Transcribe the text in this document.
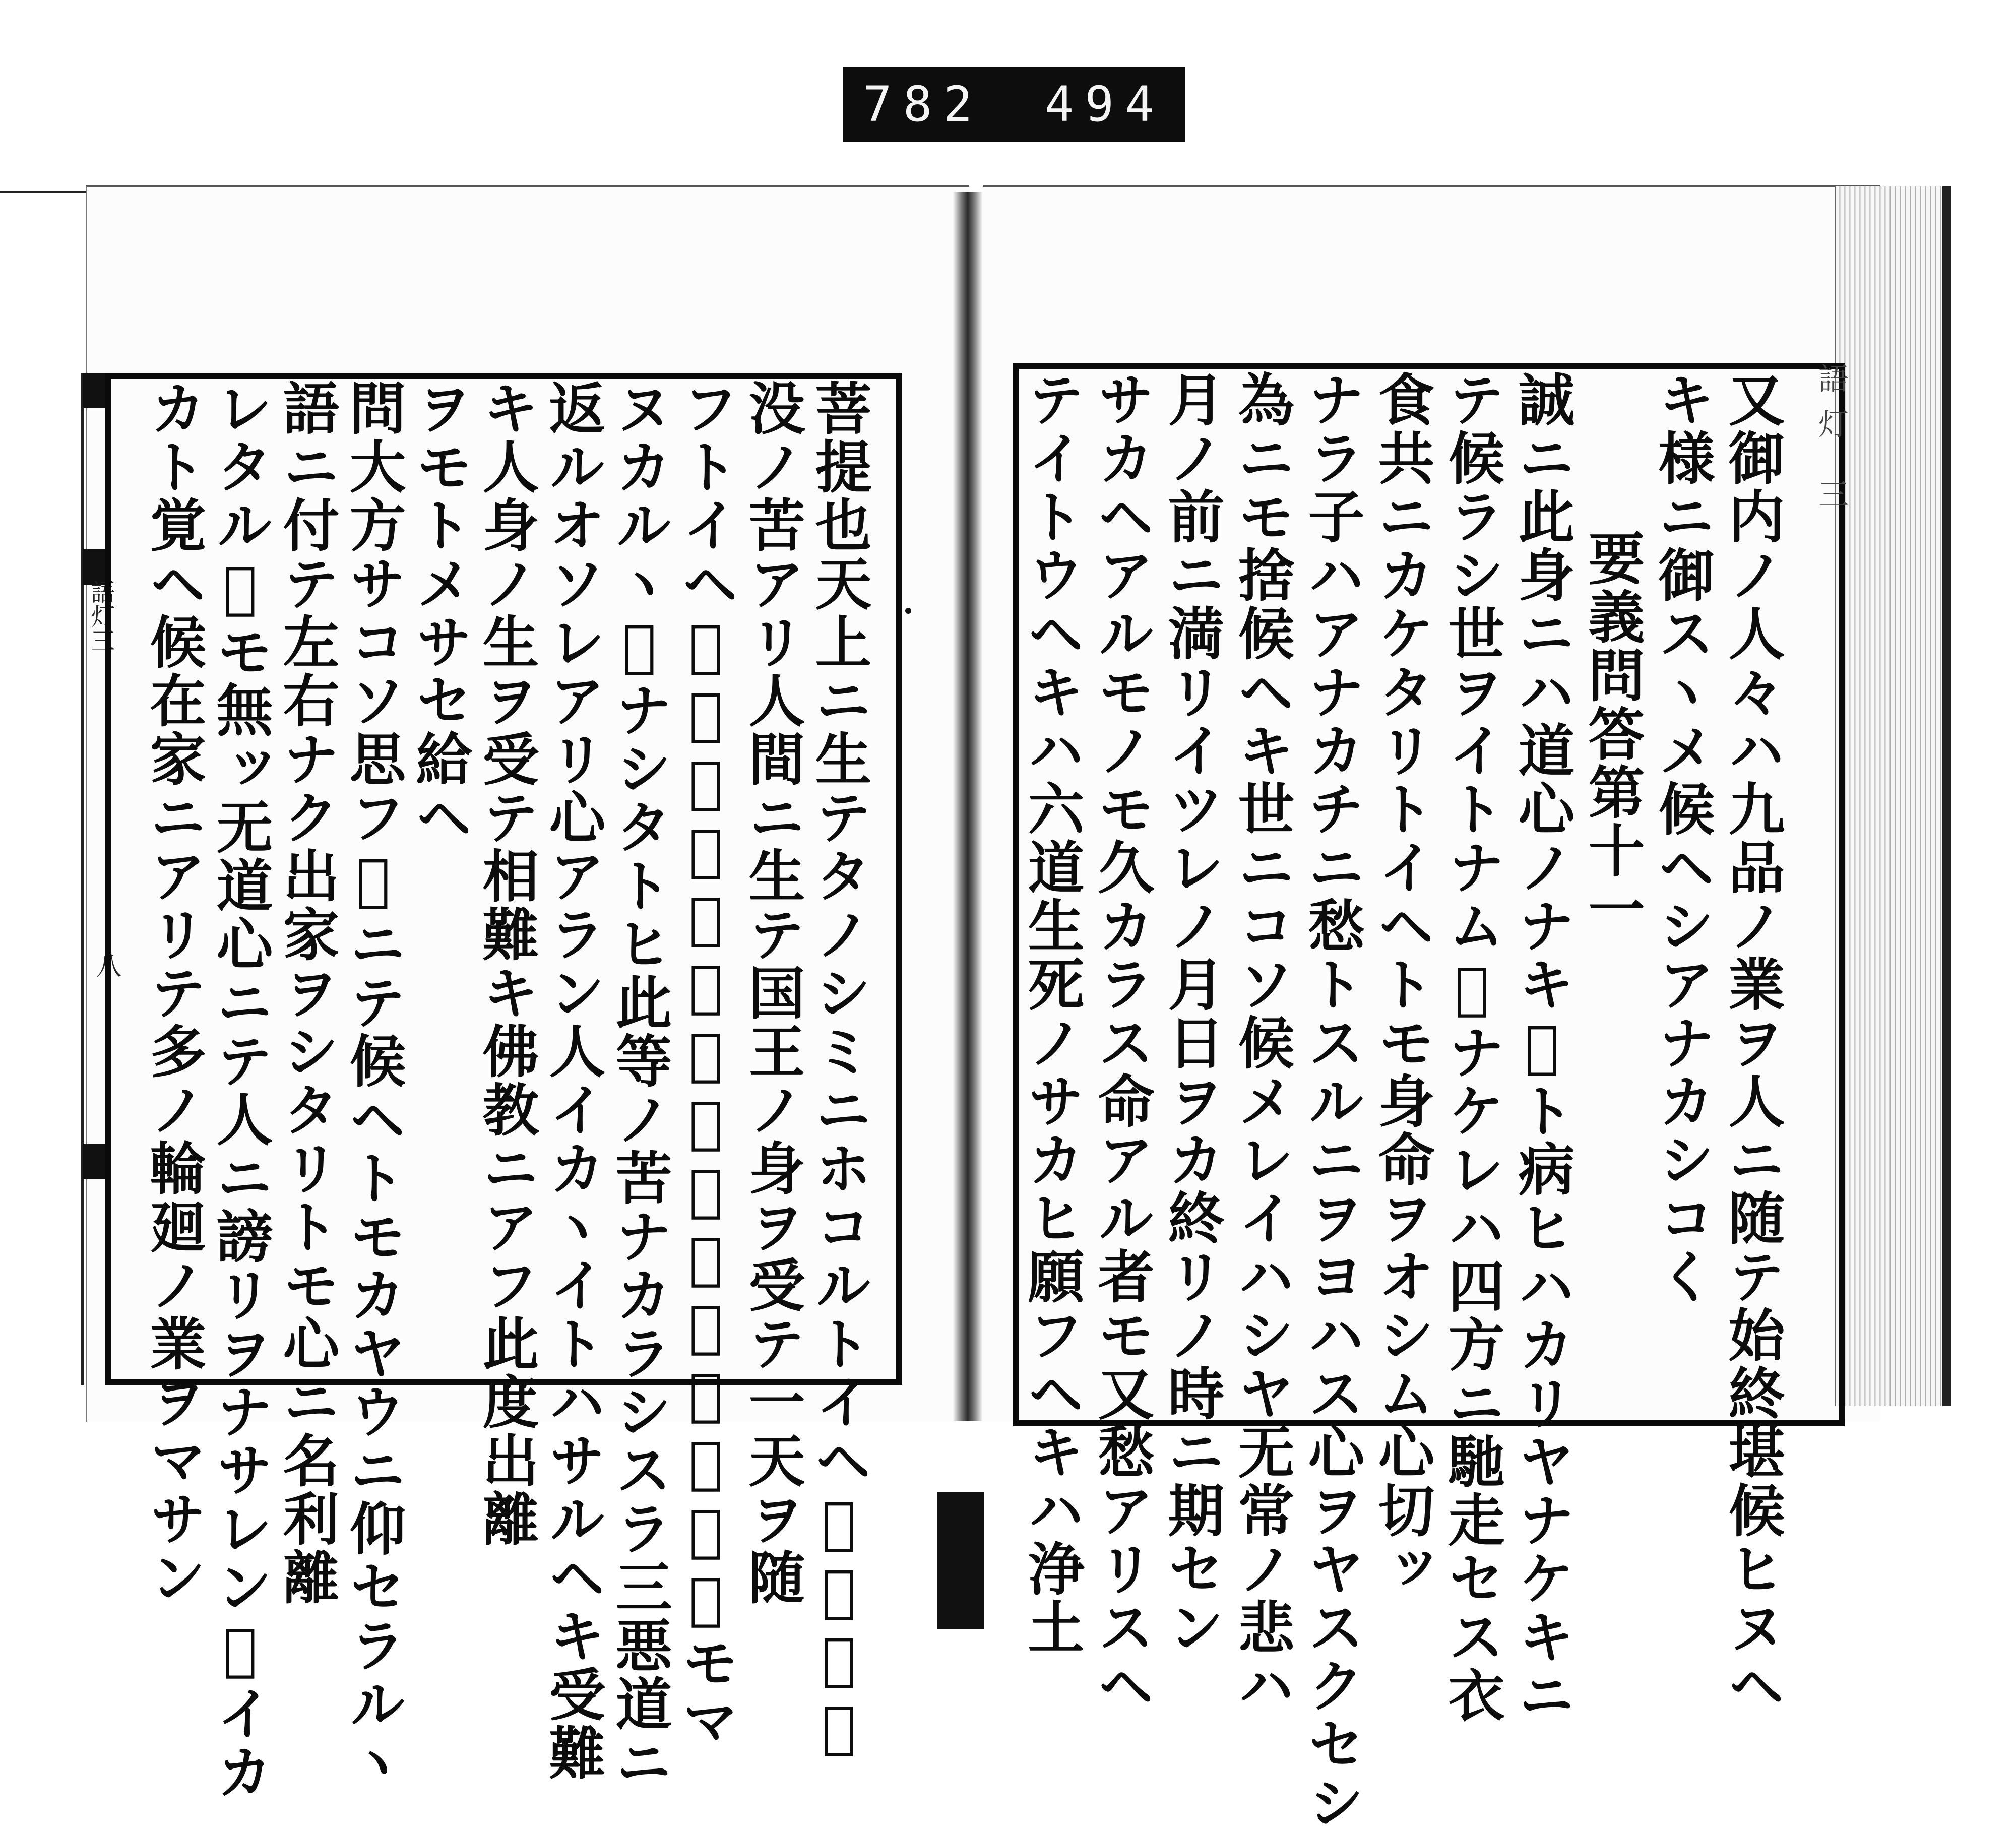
782 494
語灯三
八
語灯 三
菩提也天上ニ生テタノシミニホコルトイヘ𪜈五衰退
没ノ苦アリ人間ニ生テ国王ノ身ヲ受テ一天ヲ随
フトイヘ𪜈生老病死愛別離苦怨憎會苦一𪜌モマ
ヌカルヽ𪜌ナシタトヒ此等ノ苦ナカラシスラ三悪道ニ
返ルオソレアリ心アラン人イカヽイトハサルヘキ受難
キ人身ノ生ヲ受テ相難キ佛教ニアフ此度出離
ヲモトメサセ給ヘ
問大方サコソ思フ𪜌ニテ候ヘトモカヤウニ仰セラルヽ
語ニ付テ左右ナク出家ヲシタリトモ心ニ名利離
レタル𪜌モ無ッ无道心ニテ人ニ謗リヲナサレン𪜌イカ
カト覚ヘ候在家ニアリテ多ノ輪廻ノ業ヲマサン	又御内ノ人々ハ九品ノ業ヲ人ニ随テ始終堪候ヒヌヘ
キ様ニ御スヽメ候ヘシアナカシコく
要義問答第十一
誠ニ此身ニハ道心ノナキ𪜌ト病ヒハカリヤナケキニ
テ候ラシ世ヲイトナム𪜌ナケレハ四方ニ馳走セス衣
食共ニカケタリトイヘトモ身命ヲオシム心切ッ
ナラ子ハアナカチニ愁トスルニヲヨハス心ヲヤスクセシ
為ニモ捨候ヘキ世ニコソ候メレイハシヤ无常ノ悲ハ
月ノ前ニ満リイツレノ月日ヲカ終リノ時ニ期セン
サカヘアルモノモ久カラス命アル者モ又愁アリスヘ
テイトウヘキハ六道生死ノサカヒ願フヘキハ浄土
